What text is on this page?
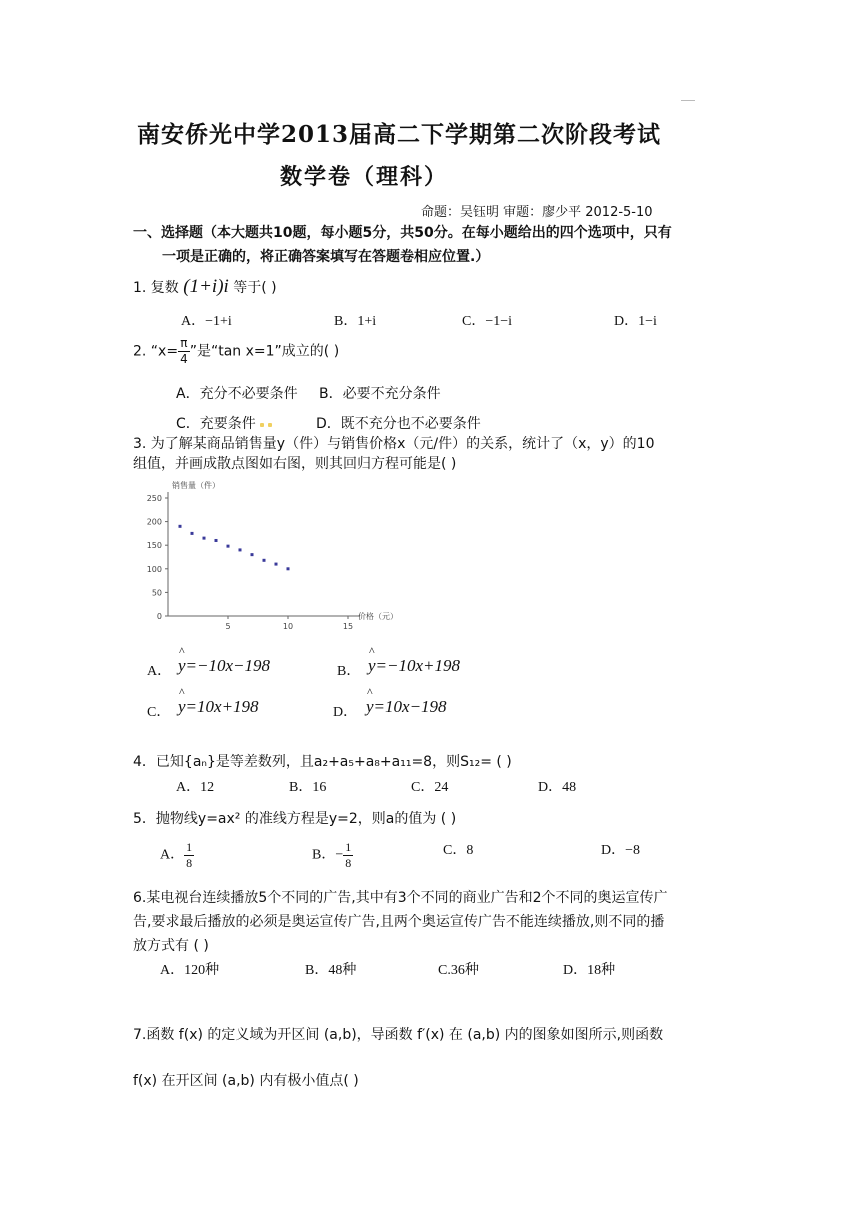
南安侨光中学2013届高二下学期第二次阶段考试
数学卷（理科）
命题：吴钰明 审题：廖少平 2012-5-10
一、选择题（本大题共10题，每小题5分，共50分。在每小题给出的四个选项中，只有
一项是正确的，将正确答案填写在答题卷相应位置.）
1. 复数 (1+i)i 等于( )
A．−1+i	B．1+i	C．−1−i	D．1−i
2. “$x= \frac{\pi}{4}$ ”是“tan x=1”成立的( )
A．充分不必要条件 B．必要不充分条件
C．充要条件	D．既不充分也不必要条件
3. 为了解某商品销售量y（件）与销售价格x（元/件）的关系，统计了（x，y）的10
组值，并画成散点图如右图，则其回归方程可能是( )
0
50
100
150
200
250
5	10	15
销售量（件）
价格（元）
A． ^ y=−10x−198	B． ^ y=−10x+198
C． ^ y=10x+198	D． ^ y=10x−198
4．已知{aₙ}是等差数列，且a₂+a₅+a₈+a₁₁=8，则S₁₂= ( )
A．12	B．16	C．24	D．48
5．抛物线y=ax² 的准线方程是y=2，则a的值为 ( )
A． $\frac{1}{8}$	B．− $\frac{1}{8}$	C．8	D．−8
6.某电视台连续播放5个不同的广告,其中有3个不同的商业广告和2个不同的奥运宣传广
告,要求最后播放的必须是奥运宣传广告,且两个奥运宣传广告不能连续播放,则不同的播
放方式有 ( )
A．120种	B．48种	C.36种	D．18种
7.函数 f(x) 的定义域为开区间 (a,b)，导函数 f′(x) 在 (a,b) 内的图象如图所示,则函数
f(x) 在开区间 (a,b) 内有极小值点( )
